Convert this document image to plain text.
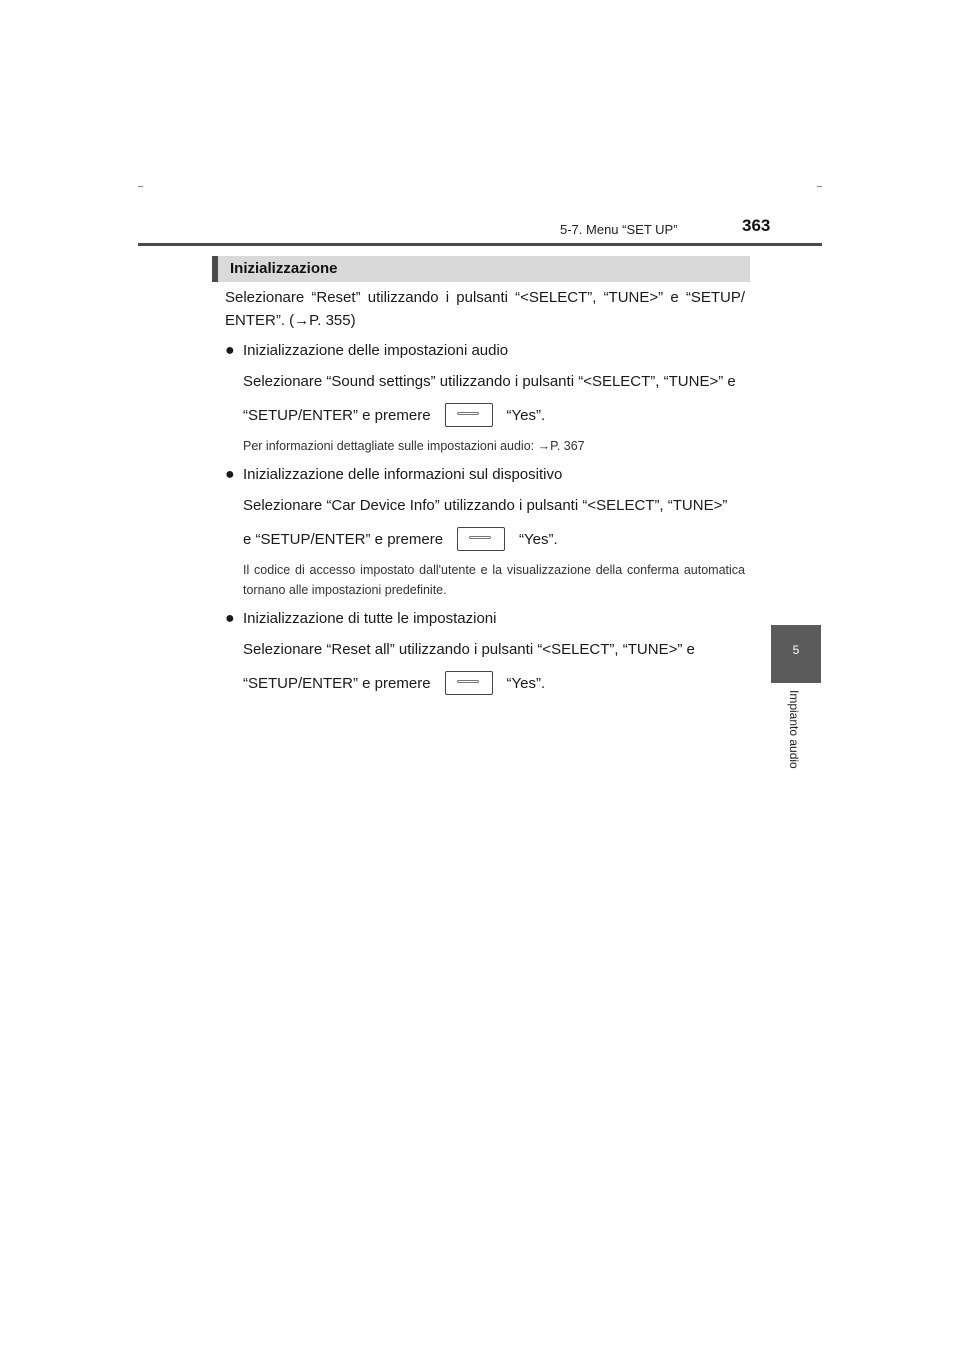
5-7. Menu “SET UP”	363
5
Impianto audio
Inizializzazione

Selezionare “Reset” utilizzando i pulsanti “<SELECT”, “TUNE>” e “SETUP/ ENTER”. (→P. 355)

● Inizializzazione delle impostazioni audio

Selezionare “Sound settings” utilizzando i pulsanti “<SELECT”, “TUNE>” e

“SETUP/ENTER” e premere	“Yes”.

Per informazioni dettagliate sulle impostazioni audio: →P. 367

● Inizializzazione delle informazioni sul dispositivo

Selezionare “Car Device Info” utilizzando i pulsanti “<SELECT”, “TUNE>”

e “SETUP/ENTER” e premere	“Yes”.

Il codice di accesso impostato dall'utente e la visualizzazione della conferma automatica tornano alle impostazioni predefinite.

● Inizializzazione di tutte le impostazioni

Selezionare “Reset all” utilizzando i pulsanti “<SELECT”, “TUNE>” e

“SETUP/ENTER” e premere	“Yes”.
